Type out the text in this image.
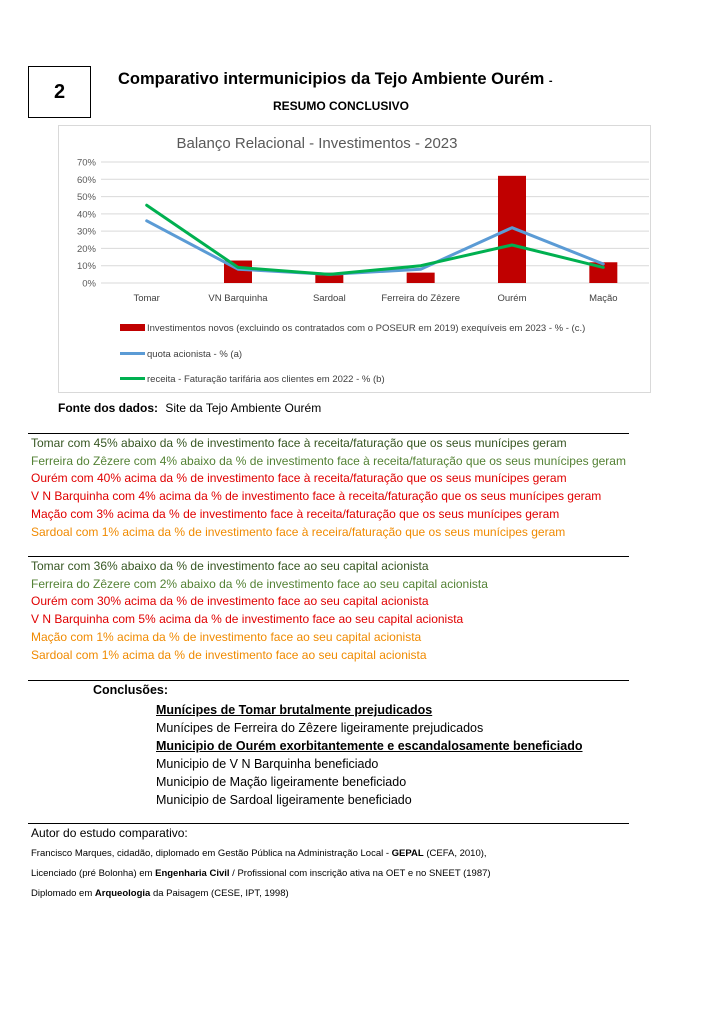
2
Comparativo intermunicipios da Tejo Ambiente Ourém -
RESUMO CONCLUSIVO
Balanço Relacional - Investimentos - 2023
0%
10%
20%
30%
40%
50%
60%
70%
Tomar	VN Barquinha	Sardoal	Ferreira do Zêzere	Ourém	Mação
Investimentos novos (excluindo os contratados com o POSEUR em 2019) exequíveis em 2023 - % - (c.)
quota acionista - % (a)
receita - Faturação tarifária aos clientes em 2022 - % (b)
Fonte dos dados: Site da Tejo Ambiente Ourém
Tomar com 45% abaixo da % de investimento face à receita/faturação que os seus munícipes geram
Ferreira do Zêzere com 4% abaixo da % de investimento face à receita/faturação que os seus munícipes geram
Ourém com 40% acima da % de investimento face à receita/faturação que os seus munícipes geram
V N Barquinha com 4% acima da % de investimento face à receita/faturação que os seus munícipes geram
Mação com 3% acima da % de investimento face à receita/faturação que os seus munícipes geram
Sardoal com 1% acima da % de investimento face à receira/faturação que os seus munícipes geram
Tomar com 36% abaixo da % de investimento face ao seu capital acionista
Ferreira do Zêzere com 2% abaixo da % de investimento face ao seu capital acionista
Ourém com 30% acima da % de investimento face ao seu capital acionista
V N Barquinha com 5% acima da % de investimento face ao seu capital acionista
Mação com 1% acima da % de investimento face ao seu capital acionista
Sardoal com 1% acima da % de investimento face ao seu capital acionista
Conclusões:
Munícipes de Tomar brutalmente prejudicados
Munícipes de Ferreira do Zêzere ligeiramente prejudicados
Municipio de Ourém exorbitantemente e escandalosamente beneficiado
Municipio de V N Barquinha beneficiado
Municipio de Mação ligeiramente beneficiado
Municipio de Sardoal ligeiramente beneficiado
Autor do estudo comparativo:
Francisco Marques, cidadão, diplomado em Gestão Pública na Administração Local - GEPAL (CEFA, 2010),
Licenciado (pré Bolonha) em Engenharia Civil / Profissional com inscrição ativa na OET e no SNEET (1987)
Diplomado em Arqueologia da Paisagem (CESE, IPT, 1998)
